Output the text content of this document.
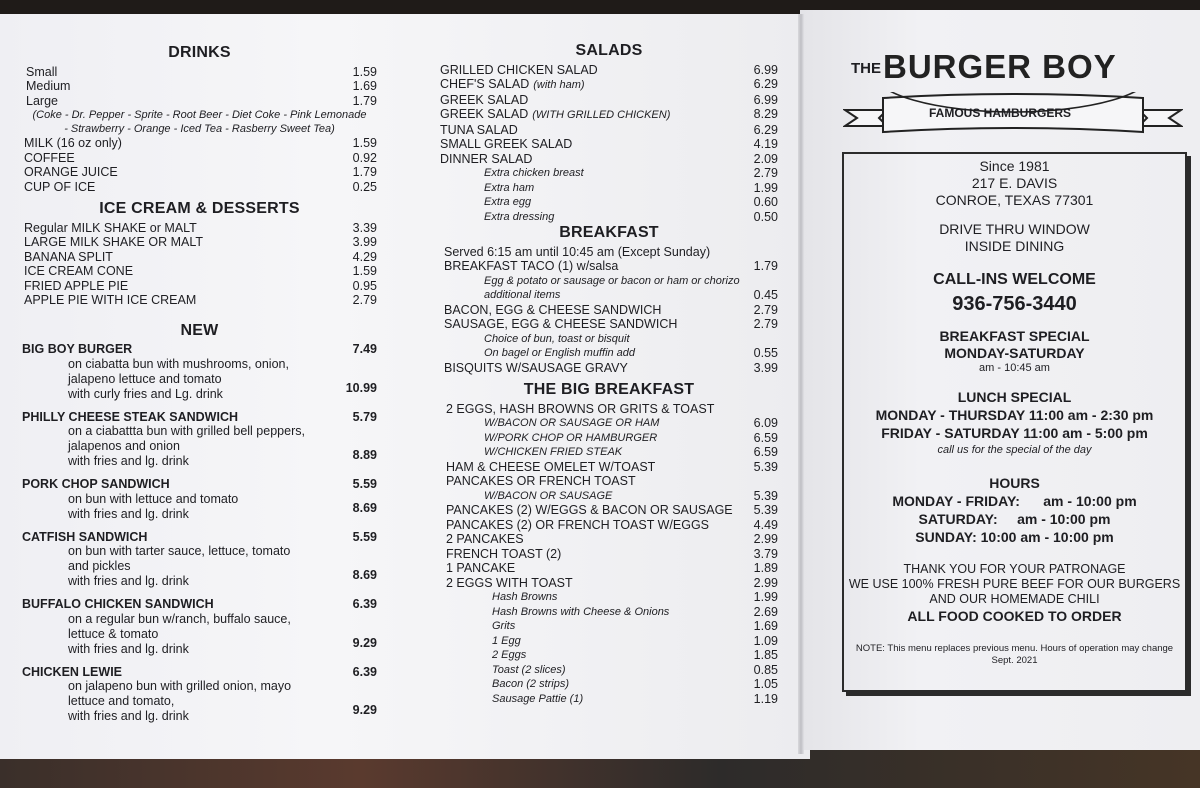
DRINKS
Small	1.59
Medium	1.69
Large	1.79
(Coke - Dr. Pepper - Sprite - Root Beer - Diet Coke - Pink Lemonade
- Strawberry - Orange - Iced Tea - Rasberry Sweet Tea)
MILK (16 oz only)	1.59
COFFEE	0.92
ORANGE JUICE	1.79
CUP OF ICE	0.25
ICE CREAM & DESSERTS
Regular MILK SHAKE or MALT	3.39
LARGE MILK SHAKE OR MALT	3.99
BANANA SPLIT	4.29
ICE CREAM CONE	1.59
FRIED APPLE PIE	0.95
APPLE PIE WITH ICE CREAM	2.79
NEW
BIG BOY BURGER	7.49
on ciabatta bun with mushrooms, onion,
jalapeno lettuce and tomato
with curly fries and Lg. drink	10.99
PHILLY CHEESE STEAK SANDWICH	5.79
on a ciabattta bun with grilled bell peppers,
jalapenos and onion
with fries and lg. drink	8.89
PORK CHOP SANDWICH	5.59
on bun with lettuce and tomato
with fries and lg. drink	8.69
CATFISH SANDWICH	5.59
on bun with tarter sauce, lettuce, tomato
and pickles
with fries and lg. drink	8.69
BUFFALO CHICKEN SANDWICH	6.39
on a regular bun w/ranch, buffalo sauce,
lettuce & tomato
with fries and lg. drink	9.29
CHICKEN LEWIE	6.39
on jalapeno bun with grilled onion, mayo
lettuce and tomato,
with fries and lg. drink	9.29
SALADS
GRILLED CHICKEN SALAD	6.99
CHEF'S SALAD (with ham)	6.29
GREEK SALAD	6.99
GREEK SALAD (WITH GRILLED CHICKEN)	8.29
TUNA SALAD	6.29
SMALL GREEK SALAD	4.19
DINNER SALAD	2.09
Extra chicken breast	2.79
Extra ham	1.99
Extra egg	0.60
Extra dressing	0.50
BREAKFAST
Served 6:15 am until 10:45 am (Except Sunday)
BREAKFAST TACO (1) w/salsa	1.79
Egg & potato or sausage or bacon or ham or chorizo
additional items	0.45
BACON, EGG & CHEESE SANDWICH	2.79
SAUSAGE, EGG & CHEESE SANDWICH	2.79
Choice of bun, toast or bisquit
On bagel or English muffin add	0.55
BISQUITS W/SAUSAGE GRAVY	3.99
THE BIG BREAKFAST
2 EGGS, HASH BROWNS OR GRITS & TOAST
W/BACON OR SAUSAGE OR HAM	6.09
W/PORK CHOP OR HAMBURGER	6.59
W/CHICKEN FRIED STEAK	6.59
HAM & CHEESE OMELET W/TOAST	5.39
PANCAKES OR FRENCH TOAST
W/BACON OR SAUSAGE	5.39
PANCAKES (2) W/EGGS & BACON OR SAUSAGE 5.39
PANCAKES (2) OR FRENCH TOAST W/EGGS	4.49
2 PANCAKES	2.99
FRENCH TOAST (2)	3.79
1 PANCAKE	1.89
2 EGGS WITH TOAST	2.99
Hash Browns	1.99
Hash Browns with Cheese & Onions	2.69
Grits	1.69
1 Egg	1.09
2 Eggs	1.85
Toast (2 slices)	0.85
Bacon (2 strips)	1.05
Sausage Pattie (1)	1.19
THE BURGER BOY
FAMOUS HAMBURGERS
Since 1981
217 E. DAVIS
CONROE, TEXAS 77301
DRIVE THRU WINDOW
INSIDE DINING
CALL-INS WELCOME
936-756-3440
BREAKFAST SPECIAL
MONDAY-SATURDAY
am - 10:45 am
LUNCH SPECIAL
MONDAY - THURSDAY 11:00 am - 2:30 pm
FRIDAY - SATURDAY 11:00 am - 5:00 pm
call us for the special of the day
HOURS
MONDAY - FRIDAY: am - 10:00 pm
SATURDAY: am - 10:00 pm
SUNDAY: 10:00 am - 10:00 pm
THANK YOU FOR YOUR PATRONAGE
WE USE 100% FRESH PURE BEEF FOR OUR BURGERS
AND OUR HOMEMADE CHILI
ALL FOOD COOKED TO ORDER
NOTE: This menu replaces previous menu. Hours of operation may change
Sept. 2021
